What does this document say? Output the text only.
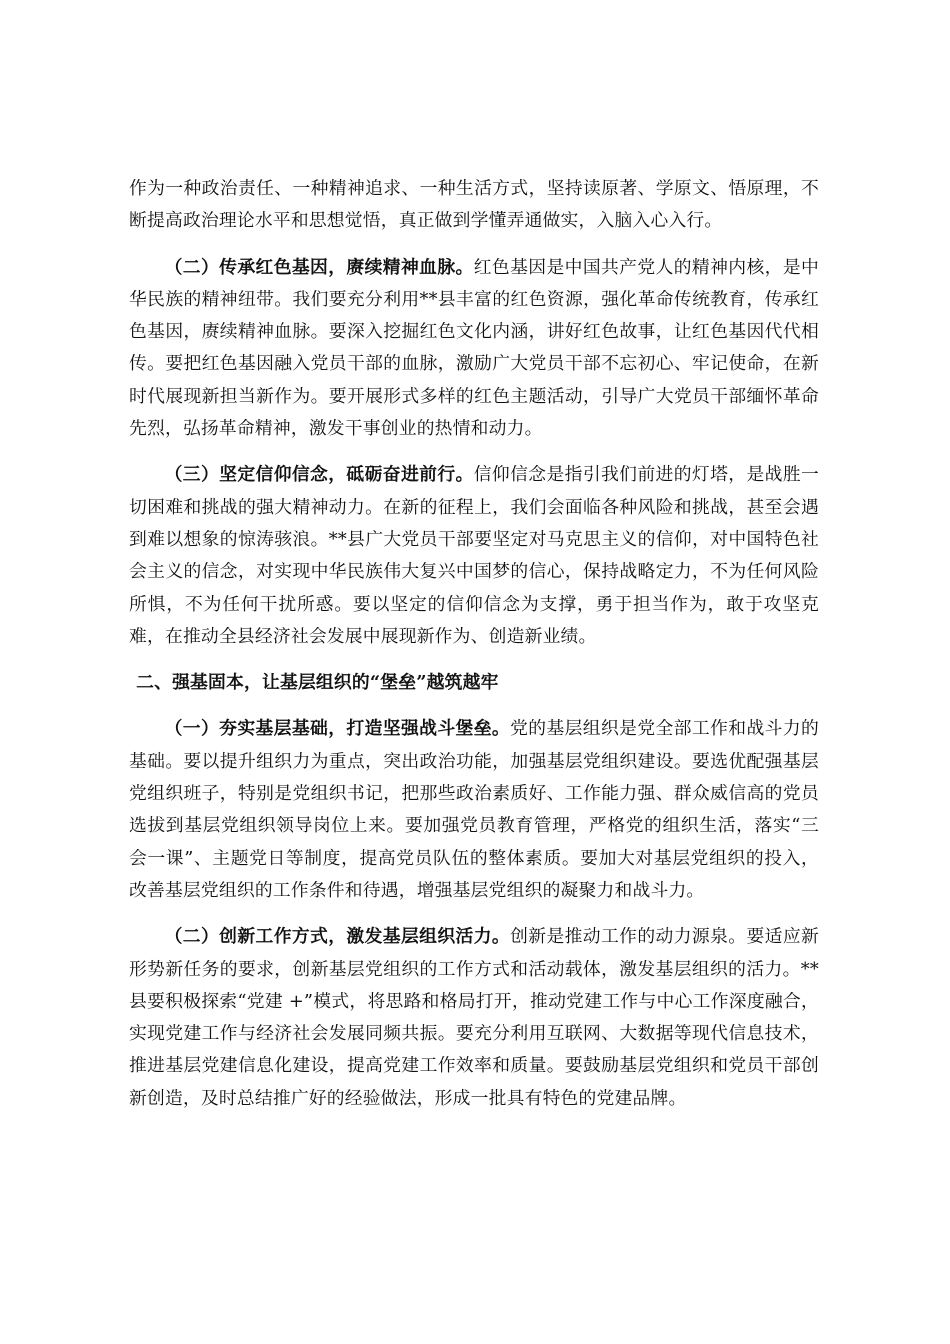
作为一种政治责任、一种精神追求、一种生活方式，坚持读原著、学原文、悟原理，不断提高政治理论水平和思想觉悟，真正做到学懂弄通做实，入脑入心入行。

（二）传承红色基因，赓续精神血脉。红色基因是中国共产党人的精神内核，是中华民族的精神纽带。我们要充分利用**县丰富的红色资源，强化革命传统教育，传承红色基因，赓续精神血脉。要深入挖掘红色文化内涵，讲好红色故事，让红色基因代代相传。要把红色基因融入党员干部的血脉，激励广大党员干部不忘初心、牢记使命，在新时代展现新担当新作为。要开展形式多样的红色主题活动，引导广大党员干部缅怀革命先烈，弘扬革命精神，激发干事创业的热情和动力。

（三）坚定信仰信念，砥砺奋进前行。信仰信念是指引我们前进的灯塔，是战胜一切困难和挑战的强大精神动力。在新的征程上，我们会面临各种风险和挑战，甚至会遇到难以想象的惊涛骇浪。**县广大党员干部要坚定对马克思主义的信仰，对中国特色社会主义的信念，对实现中华民族伟大复兴中国梦的信心，保持战略定力，不为任何风险所惧，不为任何干扰所惑。要以坚定的信仰信念为支撑，勇于担当作为，敢于攻坚克难，在推动全县经济社会发展中展现新作为、创造新业绩。

二、强基固本，让基层组织的“堡垒”越筑越牢

（一）夯实基层基础，打造坚强战斗堡垒。党的基层组织是党全部工作和战斗力的基础。要以提升组织力为重点，突出政治功能，加强基层党组织建设。要选优配强基层党组织班子，特别是党组织书记，把那些政治素质好、工作能力强、群众威信高的党员选拔到基层党组织领导岗位上来。要加强党员教育管理，严格党的组织生活，落实“三会一课”、主题党日等制度，提高党员队伍的整体素质。要加大对基层党组织的投入，改善基层党组织的工作条件和待遇，增强基层党组织的凝聚力和战斗力。

（二）创新工作方式，激发基层组织活力。创新是推动工作的动力源泉。要适应新形势新任务的要求，创新基层党组织的工作方式和活动载体，激发基层组织的活力。**县要积极探索“党建 +”模式，将思路和格局打开，推动党建工作与中心工作深度融合，实现党建工作与经济社会发展同频共振。要充分利用互联网、大数据等现代信息技术，推进基层党建信息化建设，提高党建工作效率和质量。要鼓励基层党组织和党员干部创新创造，及时总结推广好的经验做法，形成一批具有特色的党建品牌。
